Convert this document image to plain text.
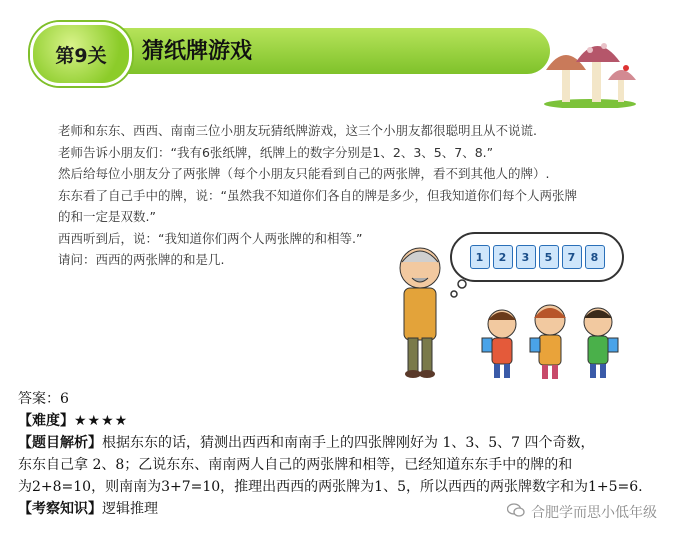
第9关	猜纸牌游戏

老师和东东、西西、南南三位小朋友玩猜纸牌游戏，这三个小朋友都很聪明且从不说谎.

老师告诉小朋友们：“我有6张纸牌，纸牌上的数字分别是1、2、3、5、7、8.”

然后给每位小朋友分了两张牌（每个小朋友只能看到自己的两张牌，看不到其他人的牌）.

东东看了自己手中的牌，说：“虽然我不知道你们各自的牌是多少，但我知道你们每个人两张牌

的和一定是双数.”

西西听到后，说：“我知道你们两个人两张牌的和相等.”

请问：西西的两张牌的和是几.	1	2	3	5	7	8

答案：6

【难度】★★★★

【题目解析】根据东东的话，猜测出西西和南南手上的四张牌刚好为 1、3、5、7 四个奇数，

东东自己拿 2、8；乙说东东、南南两人自己的两张牌和相等，已经知道东东手中的牌的和

为2+8=10，则南南为3+7=10，推理出西西的两张牌为1、5，所以西西的两张牌数字和为1+5=6.

【考察知识】逻辑推理	合肥学而思小低年级
